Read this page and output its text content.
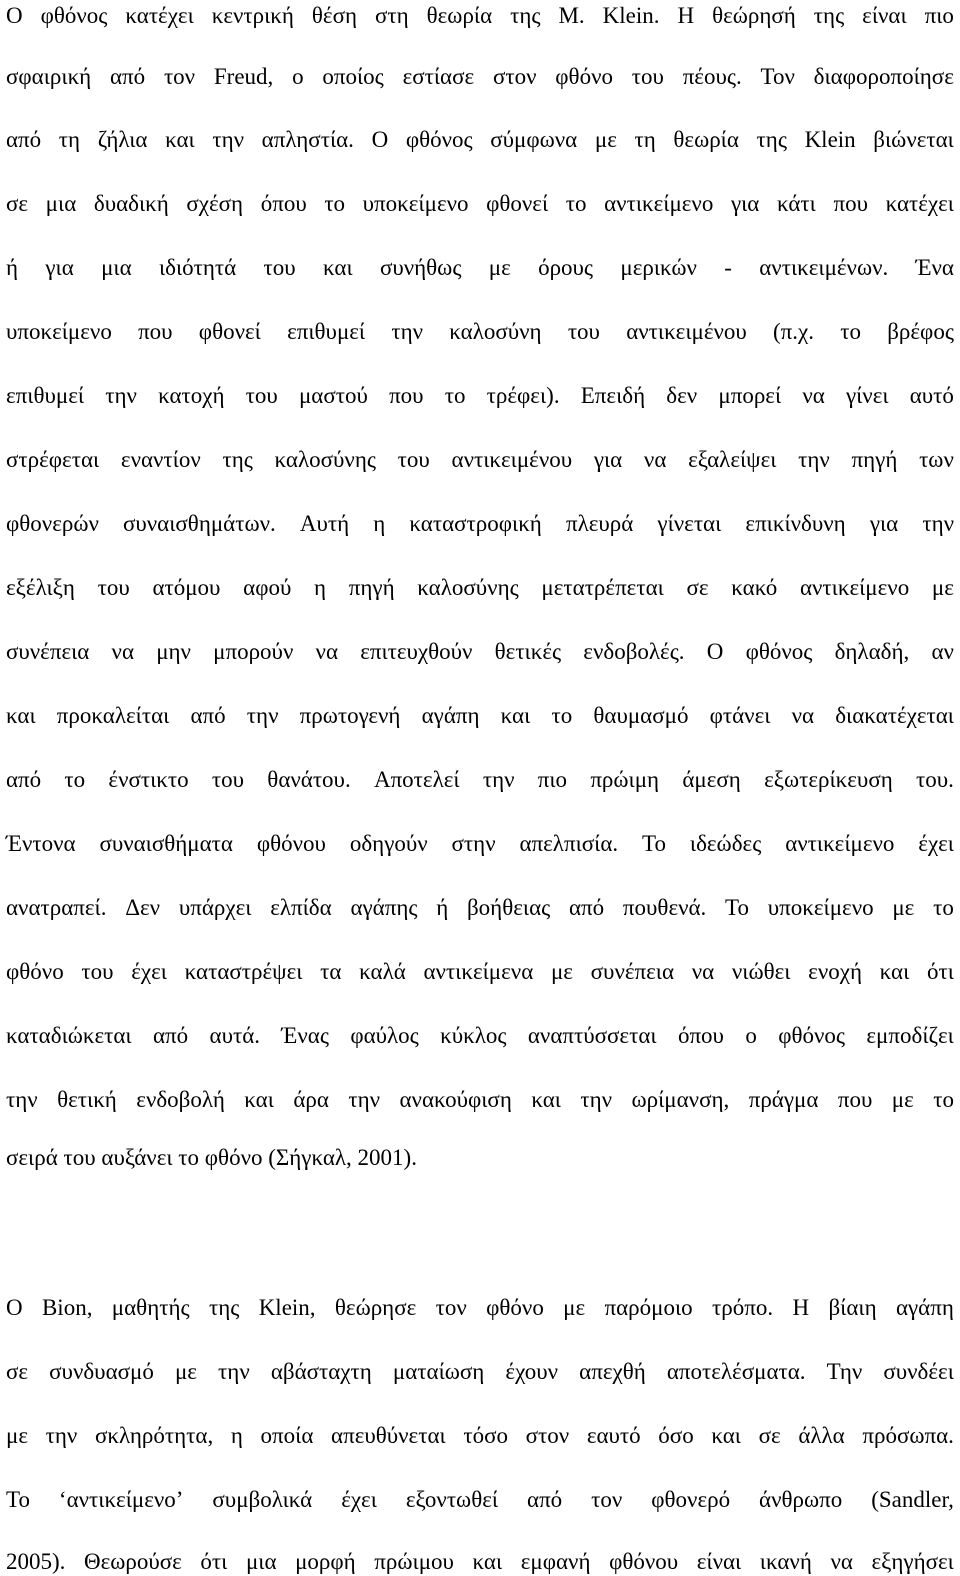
Ο φθόνος κατέχει κεντρική θέση στη θεωρία της Μ. Klein. Η θεώρησή της είναι πιο
σφαιρική από τον Freud, ο οποίος εστίασε στον φθόνο του πέους. Τον διαφοροποίησε
από τη ζήλια και την απληστία. Ο φθόνος σύμφωνα με τη θεωρία της Klein βιώνεται
σε μια δυαδική σχέση όπου το υποκείμενο φθονεί το αντικείμενο για κάτι που κατέχει
ή για μια ιδιότητά του και συνήθως με όρους μερικών - αντικειμένων. Ένα
υποκείμενο που φθονεί επιθυμεί την καλοσύνη του αντικειμένου (π.χ. το βρέφος
επιθυμεί την κατοχή του μαστού που το τρέφει). Επειδή δεν μπορεί να γίνει αυτό
στρέφεται εναντίον της καλοσύνης του αντικειμένου για να εξαλείψει την πηγή των
φθονερών συναισθημάτων. Αυτή η καταστροφική πλευρά γίνεται επικίνδυνη για την
εξέλιξη του ατόμου αφού η πηγή καλοσύνης μετατρέπεται σε κακό αντικείμενο με
συνέπεια να μην μπορούν να επιτευχθούν θετικές ενδοβολές. Ο φθόνος δηλαδή, αν
και προκαλείται από την πρωτογενή αγάπη και το θαυμασμό φτάνει να διακατέχεται
από το ένστικτο του θανάτου. Αποτελεί την πιο πρώιμη άμεση εξωτερίκευση του.
Έντονα συναισθήματα φθόνου οδηγούν στην απελπισία. Το ιδεώδες αντικείμενο έχει
ανατραπεί. Δεν υπάρχει ελπίδα αγάπης ή βοήθειας από πουθενά. Το υποκείμενο με το
φθόνο του έχει καταστρέψει τα καλά αντικείμενα με συνέπεια να νιώθει ενοχή και ότι
καταδιώκεται από αυτά. Ένας φαύλος κύκλος αναπτύσσεται όπου ο φθόνος εμποδίζει
την θετική ενδοβολή και άρα την ανακούφιση και την ωρίμανση, πράγμα που με το
σειρά του αυξάνει το φθόνο (Σήγκαλ, 2001).
Ο Bion, μαθητής της Klein, θεώρησε τον φθόνο με παρόμοιο τρόπο. Η βίαιη αγάπη
σε συνδυασμό με την αβάσταχτη ματαίωση έχουν απεχθή αποτελέσματα. Την συνδέει
με την σκληρότητα, η οποία απευθύνεται τόσο στον εαυτό όσο και σε άλλα πρόσωπα.
Το ‘αντικείμενο’ συμβολικά έχει εξοντωθεί από τον φθονερό άνθρωπο (Sandler,
2005). Θεωρούσε ότι μια μορφή πρώιμου και εμφανή φθόνου είναι ικανή να εξηγήσει
